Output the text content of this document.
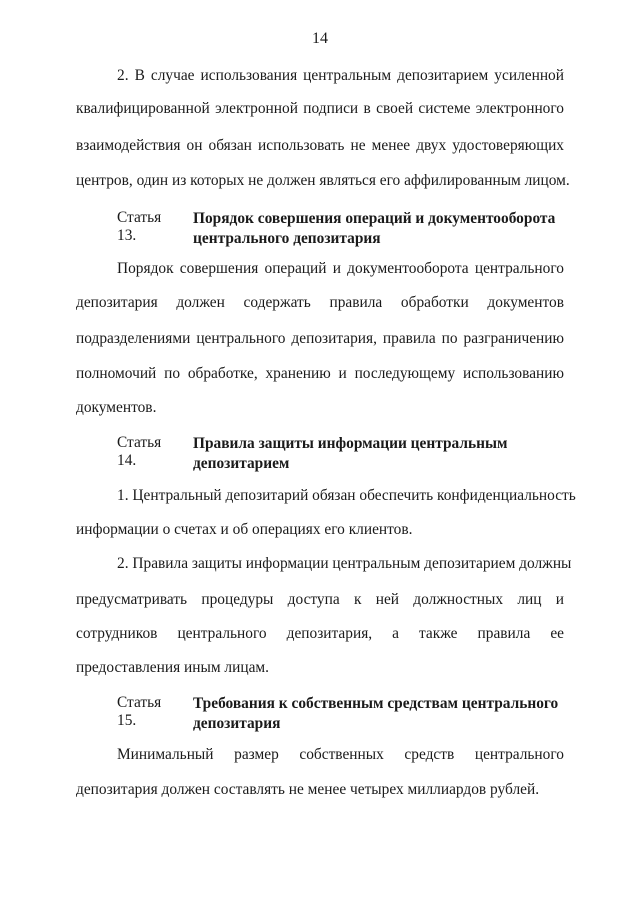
14
2. В случае использования центральным депозитарием усиленной
квалифицированной электронной подписи в своей системе электронного
взаимодействия он обязан использовать не менее двух удостоверяющих
центров, один из которых не должен являться его аффилированным лицом.
Статья 13.
Порядок совершения операций и документооборота
центрального депозитария
Порядок совершения операций и документооборота центрального
депозитария должен содержать правила обработки документов
подразделениями центрального депозитария, правила по разграничению
полномочий по обработке, хранению и последующему использованию
документов.
Статья 14.
Правила защиты информации центральным
депозитарием
1. Центральный депозитарий обязан обеспечить конфиденциальность
информации о счетах и об операциях его клиентов.
2. Правила защиты информации центральным депозитарием должны
предусматривать процедуры доступа к ней должностных лиц и
сотрудников центрального депозитария, а также правила ее
предоставления иным лицам.
Статья 15.
Требования к собственным средствам центрального
депозитария
Минимальный размер собственных средств центрального
депозитария должен составлять не менее четырех миллиардов рублей.
